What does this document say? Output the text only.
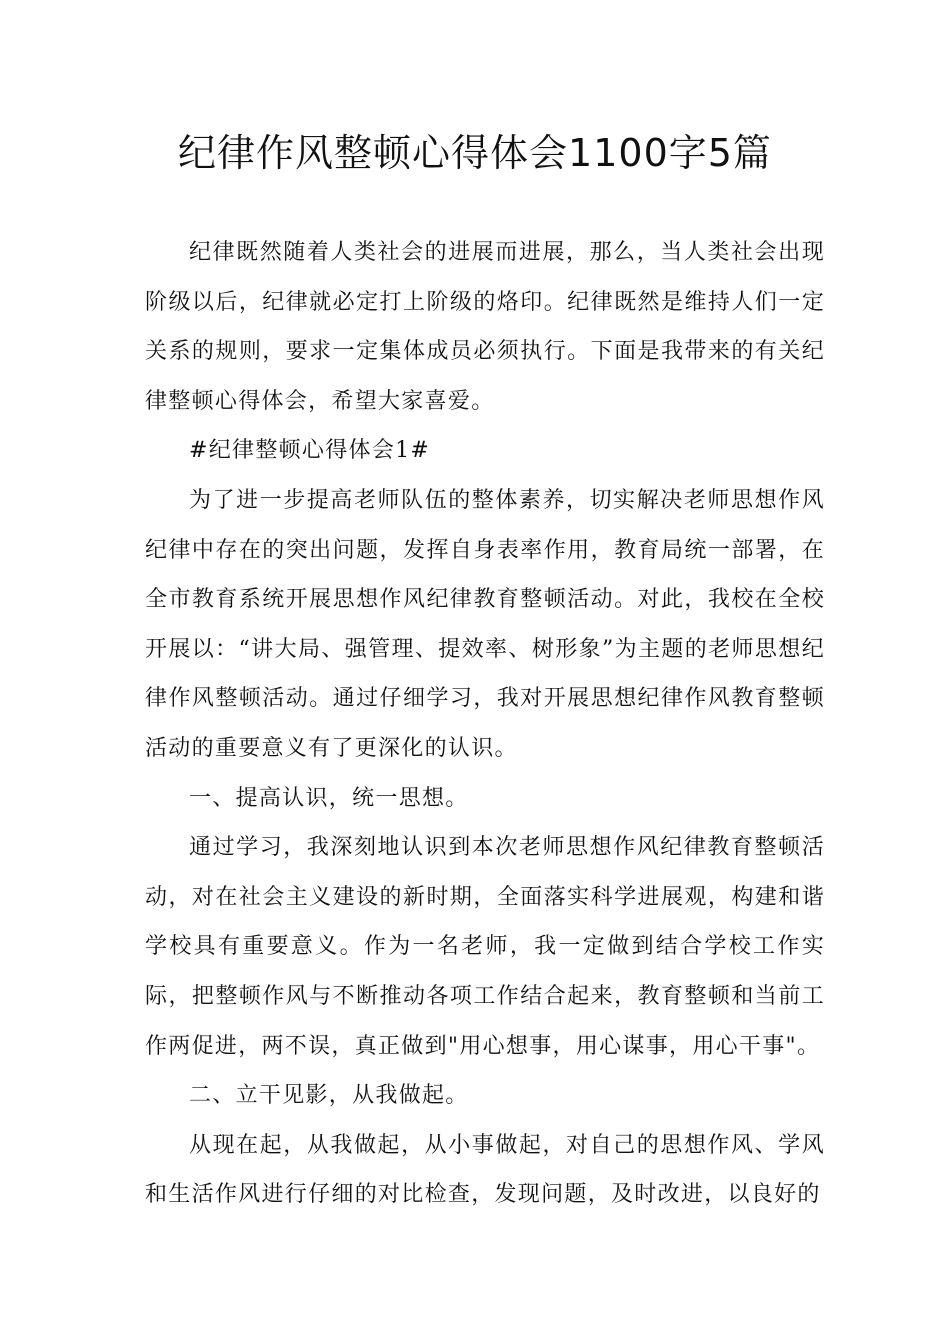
纪律作风整顿心得体会1100字5篇

纪律既然随着人类社会的进展而进展，那么，当人类社会出现阶级以后，纪律就必定打上阶级的烙印。纪律既然是维持人们一定关系的规则，要求一定集体成员必须执行。下面是我带来的有关纪律整顿心得体会，希望大家喜爱。

#纪律整顿心得体会1#

为了进一步提高老师队伍的整体素养，切实解决老师思想作风纪律中存在的突出问题，发挥自身表率作用，教育局统一部署，在全市教育系统开展思想作风纪律教育整顿活动。对此，我校在全校开展以：“讲大局、强管理、提效率、树形象”为主题的老师思想纪律作风整顿活动。通过仔细学习，我对开展思想纪律作风教育整顿活动的重要意义有了更深化的认识。

一、提高认识，统一思想。

通过学习，我深刻地认识到本次老师思想作风纪律教育整顿活动，对在社会主义建设的新时期，全面落实科学进展观，构建和谐学校具有重要意义。作为一名老师，我一定做到结合学校工作实际，把整顿作风与不断推动各项工作结合起来，教育整顿和当前工作两促进，两不误，真正做到"用心想事，用心谋事，用心干事"。

二、立干见影，从我做起。

从现在起，从我做起，从小事做起，对自己的思想作风、学风和生活作风进行仔细的对比检查，发现问题，及时改进，以良好的
